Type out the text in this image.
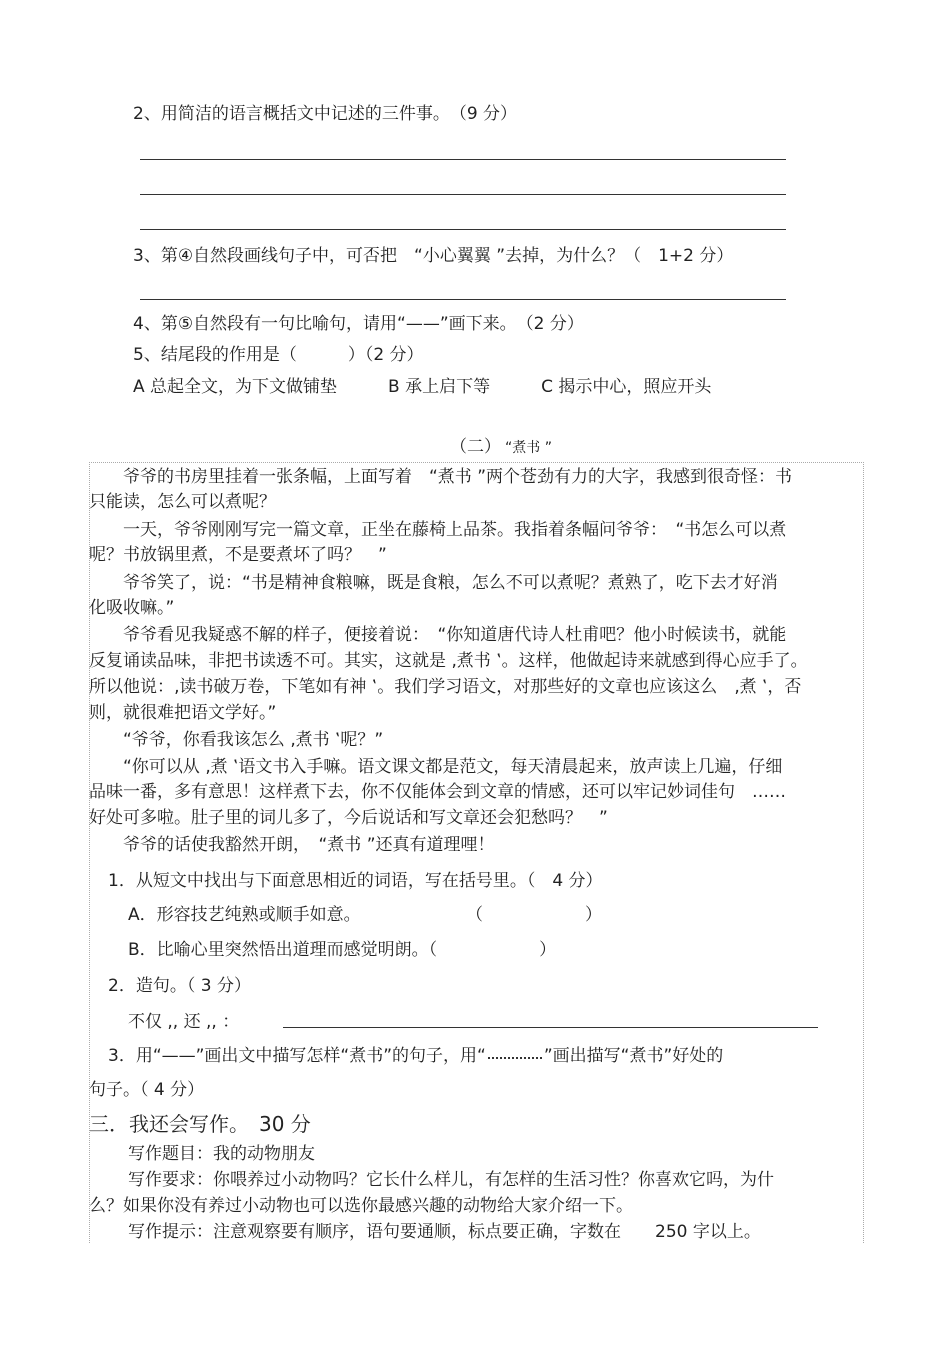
2、用简洁的语言概括文中记述的三件事。　（9 分）
3、第④自然段画线句子中，可否把　“小心翼翼 ”去掉，为什么？（　1+2 分）
4、第⑤自然段有一句比喻句，请用“——”画下来。　（2 分）
5、结尾段的作用是（　　　）（2 分）
A 总起全文，为下文做铺垫　　　B 承上启下等　　　C 揭示中心，照应开头
（二） “煮书 ”
　　爷爷的书房里挂着一张条幅，上面写着　“煮书 ”两个苍劲有力的大字，我感到很奇怪：书
只能读，怎么可以煮呢？
　　一天，爷爷刚刚写完一篇文章，正坐在藤椅上品茶。我指着条幅问爷爷：　“书怎么可以煮
呢？书放锅里煮，不是要煮坏了吗？　”
　　爷爷笑了，说：“书是精神食粮嘛，既是食粮，怎么不可以煮呢？煮熟了，吃下去才好消
化吸收嘛。”
　　爷爷看见我疑惑不解的样子，便接着说：　“你知道唐代诗人杜甫吧？他小时候读书，就能
反复诵读品味，非把书读透不可。其实，这就是 ‚煮书 ‛。这样，他做起诗来就感到得心应手了。
所以他说：‚读书破万卷，下笔如有神 ‛。我们学习语文，对那些好的文章也应该这么　‚煮 ‛，否
则，就很难把语文学好。”
　　“爷爷，你看我该怎么 ‚煮书 ‛呢？”
　　“你可以从 ‚煮 ‛语文书入手嘛。语文课文都是范文，每天清晨起来，放声读上几遍，仔细
品味一番，多有意思！这样煮下去，你不仅能体会到文章的情感，还可以牢记妙词佳句　……
好处可多啦。肚子里的词儿多了，今后说话和写文章还会犯愁吗？　”
　　爷爷的话使我豁然开朗，　“煮书 ”还真有道理哩！
1．从短文中找出与下面意思相近的词语，写在括号里。（　4 分）
A．形容技艺纯熟或顺手如意。	（　　　　　　）
B．比喻心里突然悟出道理而感觉明朗。（　　　　　　）
2．造句。（ 3 分）
不仅 ,, 还 ,, ：
3．用“——”画出文中描写怎样“煮书”的句子，用“	”画出描写“煮书”好处的
句子。（ 4 分）
三．我还会写作。　30 分
写作题目：我的动物朋友
写作要求：你喂养过小动物吗？它长什么样儿，有怎样的生活习性？你喜欢它吗，为什
么？如果你没有养过小动物也可以选你最感兴趣的动物给大家介绍一下。
写作提示：注意观察要有顺序，语句要通顺，标点要正确，字数在　　250 字以上。
